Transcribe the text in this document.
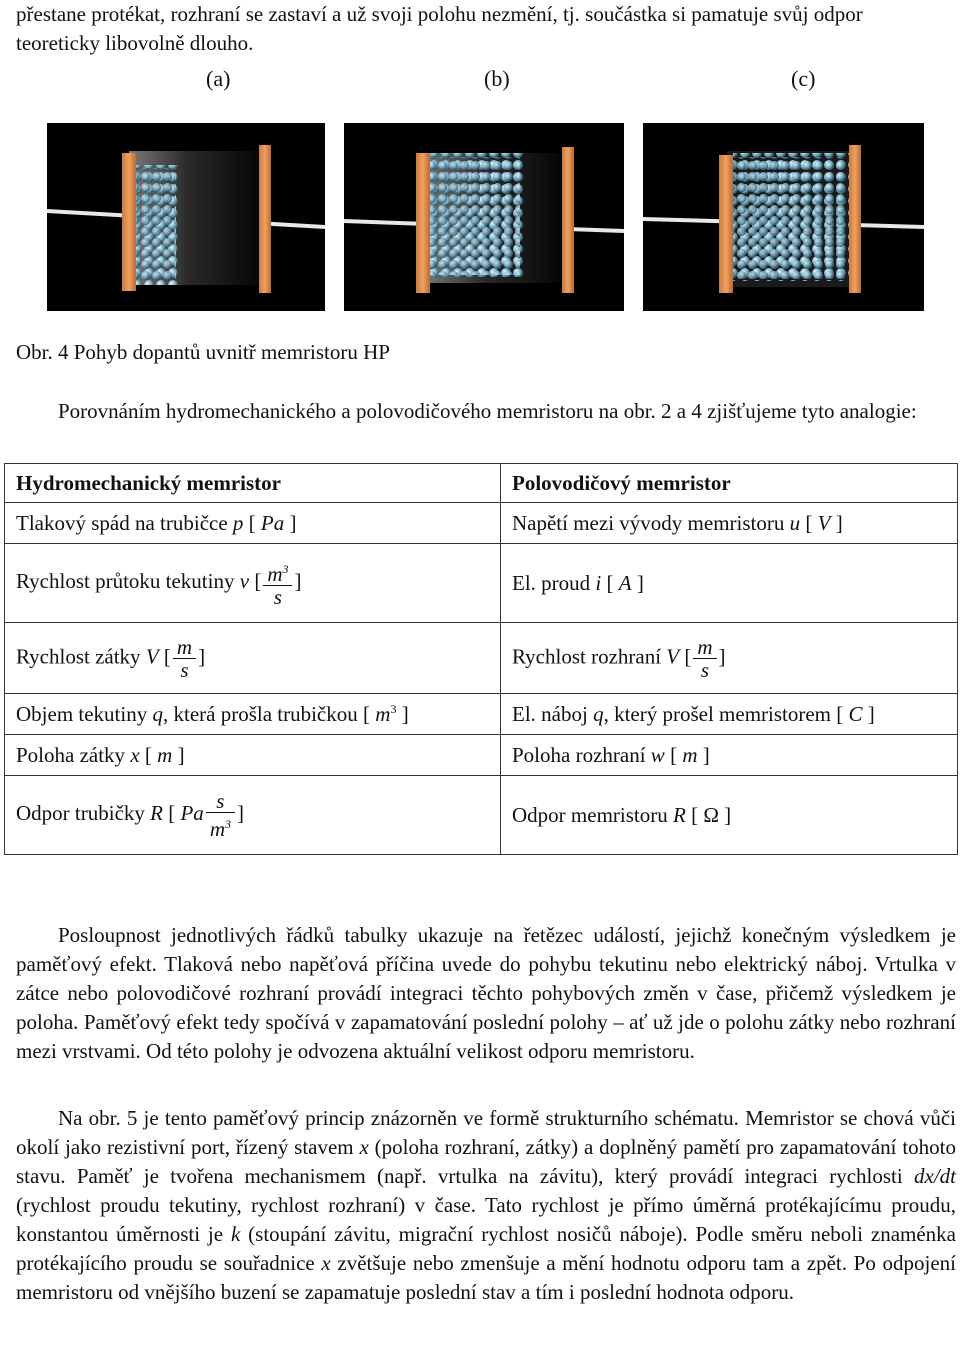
přestane protékat, rozhraní se zastaví a už svoji polohu nezmění, tj. součástka si pamatuje svůj odpor teoreticky libovolně dlouho.
(a)	(b)	(c)
Obr. 4 Pohyb dopantů uvnitř memristoru HP
Porovnáním hydromechanického a polovodičového memristoru na obr. 2 a 4 zjišťujeme tyto analogie:
Hydromechanický memristor	Polovodičový memristor
Tlakový spád na trubičce p [ Pa ]	Napětí mezi vývody memristoru u [ V ]
Rychlost průtoku tekutiny v [ $\frac{m^3}{s}$ ]	El. proud i [ A ]
Rychlost zátky V [ $\frac{m}{s}$ ]	Rychlost rozhraní V [ $\frac{m}{s}$ ]
Objem tekutiny q, která prošla trubičkou [ $m^3$ ]	El. náboj q, který prošel memristorem [ C ]
Poloha zátky x [ m ]	Poloha rozhraní w [ m ]
Odpor trubičky R [ Pa $\frac{s}{m^3}$ ]	Odpor memristoru R [ Ω ]
Posloupnost jednotlivých řádků tabulky ukazuje na řetězec událostí, jejichž konečným výsledkem je paměťový efekt. Tlaková nebo napěťová příčina uvede do pohybu tekutinu nebo elektrický náboj. Vrtulka v zátce nebo polovodičové rozhraní provádí integraci těchto pohybových změn v čase, přičemž výsledkem je poloha. Paměťový efekt tedy spočívá v zapamatování poslední polohy – ať už jde o polohu zátky nebo rozhraní mezi vrstvami. Od této polohy je odvozena aktuální velikost odporu memristoru.
Na obr. 5 je tento paměťový princip znázorněn ve formě strukturního schématu. Memristor se chová vůči okolí jako rezistivní port, řízený stavem x (poloha rozhraní, zátky) a doplněný pamětí pro zapamatování tohoto stavu. Paměť je tvořena mechanismem (např. vrtulka na závitu), který provádí integraci rychlosti dx/dt (rychlost proudu tekutiny, rychlost rozhraní) v čase. Tato rychlost je přímo úměrná protékajícímu proudu, konstantou úměrnosti je k (stoupání závitu, migrační rychlost nosičů náboje). Podle směru neboli znaménka protékajícího proudu se souřadnice x zvětšuje nebo zmenšuje a mění hodnotu odporu tam a zpět. Po odpojení memristoru od vnějšího buzení se zapamatuje poslední stav a tím i poslední hodnota odporu.
